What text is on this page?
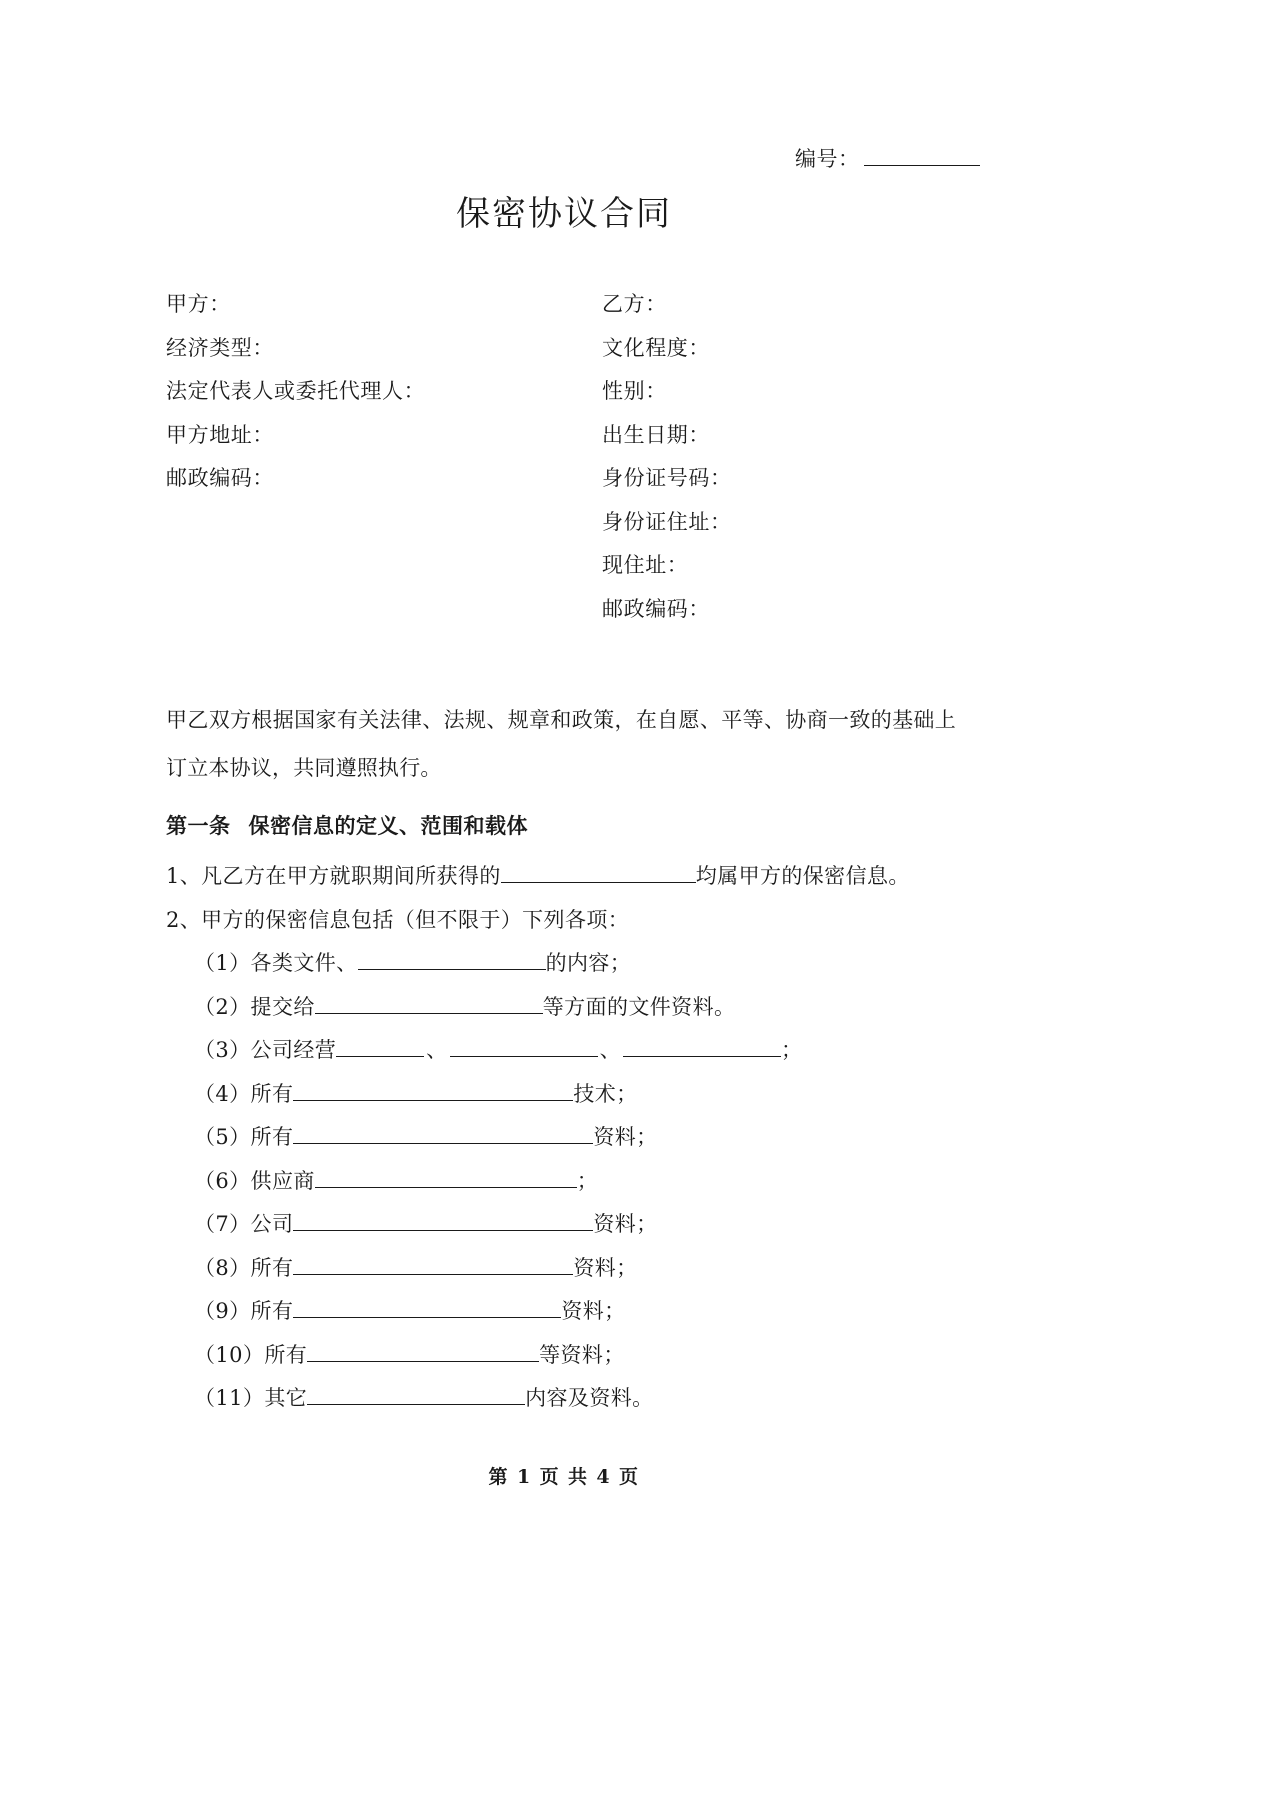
编号：
保密协议合同
甲方：
经济类型：
法定代表人或委托代理人：
甲方地址：
邮政编码：
乙方：
文化程度：
性别：
出生日期：
身份证号码：
身份证住址：
现住址：
邮政编码：

甲乙双方根据国家有关法律、法规、规章和政策，在自愿、平等、协商一致的基础上订立本协议，共同遵照执行。

第一条 保密信息的定义、范围和载体
1、凡乙方在甲方就职期间所获得的	均属甲方的保密信息。
2、甲方的保密信息包括（但不限于）下列各项：
（1）各类文件、	的内容；
（2）提交给	等方面的文件资料。
（3）公司经营	、	、	；
（4）所有	技术；
（5）所有	资料；
（6）供应商	；
（7）公司	资料；
（8）所有	资料；
（9）所有	资料；
（10）所有	等资料；
（11）其它	内容及资料。
第 1 页 共 4 页
